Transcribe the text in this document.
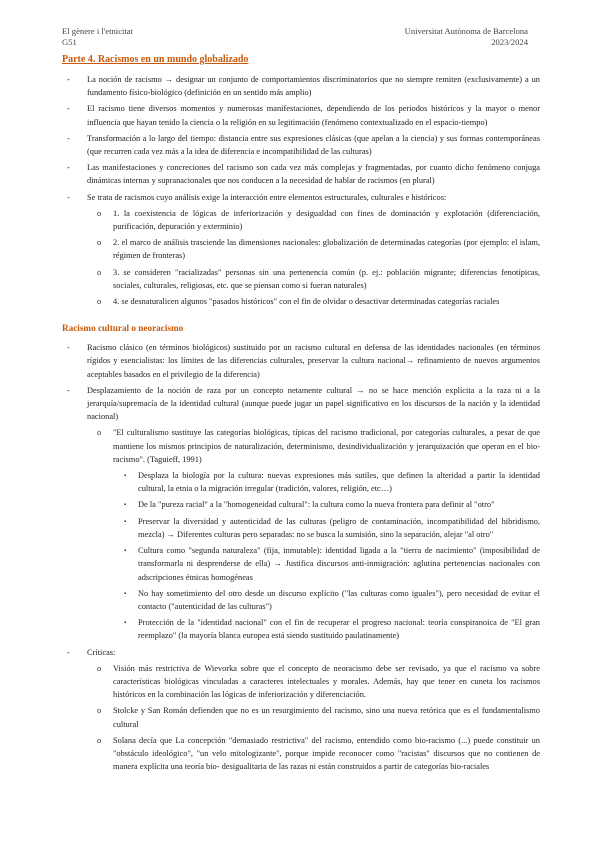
El gènere i l'etnicitat
G51
Universitat Autònoma de Barcelona
2023/2024
Parte 4. Racismos en un mundo globalizado

- La noción de racismo → designar un conjunto de comportamientos discriminatorios que no siempre remiten (exclusivamente) a un fundamento físico-biológico (definición en un sentido más amplio)

- El racismo tiene diversos momentos y numerosas manifestaciones, dependiendo de los periodos históricos y la mayor o menor influencia que hayan tenido la ciencia o la religión en su legitimación (fenómeno contextualizado en el espacio-tiempo)

- Transformación a lo largo del tiempo: distancia entre sus expresiones clásicas (que apelan a la ciencia) y sus formas contemporáneas (que recurren cada vez más a la idea de diferencia e incompatibilidad de las culturas)

- Las manifestaciones y concreciones del racismo son cada vez más complejas y fragmentadas, por cuanto dicho fenómeno conjuga dinámicas internas y supranacionales que nos conducen a la necesidad de hablar de racismos (en plural)

- Se trata de racismos cuyo análisis exige la interacción entre elementos estructurales, culturales e históricos:

o 1. la coexistencia de lógicas de inferiorización y desigualdad con fines de dominación y explotación (diferenciación, purificación, depuración y exterminio)

o 2. el marco de análisis trasciende las dimensiones nacionales: globalización de determinadas categorías (por ejemplo: el islam, régimen de fronteras)

o 3. se consideren "racializadas" personas sin una pertenencia común (p. ej.: población migrante; diferencias fenotípicas, sociales, culturales, religiosas, etc. que se piensan como si fueran naturales)

o 4. se desnaturalicen algunos "pasados históricos" con el fin de olvidar o desactivar determinadas categorías raciales

Racismo cultural o neoracismo

- Racismo clásico (en términos biológicos) sustituido por un racismo cultural en defensa de las identidades nacionales (en términos rígidos y esencialistas: los límites de las diferencias culturales, preservar la cultura nacional→ refinamiento de nuevos argumentos aceptables basados en el privilegio de la diferencia)

- Desplazamiento de la noción de raza por un concepto netamente cultural → no se hace mención explícita a la raza ni a la jerarquía/supremacía de la identidad cultural (aunque puede jugar un papel significativo en los discursos de la nación y la identidad nacional)

o "El culturalismo sustituye las categorías biológicas, típicas del racismo tradicional, por categorías culturales, a pesar de que mantiene los mismos principios de naturalización, determinismo, desindividualización y jerarquización que operan en el bio-racismo". (Taguieff, 1991)

▪ Desplaza la biología por la cultura: nuevas expresiones más sutiles, que definen la alteridad a partir la identidad cultural, la etnia o la migración irregular (tradición, valores, religión, etc…)

▪ De la "pureza racial" a la "homogeneidad cultural": la cultura como la nueva frontera para definir al "otro"

▪ Preservar la diversidad y autenticidad de las culturas (peligro de contaminación, incompatibilidad del hibridismo, mezcla) → Diferentes culturas pero separadas: no se busca la sumisión, sino la separación, alejar "al otro"

▪ Cultura como "segunda naturaleza" (fija, inmutable): identidad ligada a la "tierra de nacimiento" (imposibilidad de transformarla ni desprenderse de ella) → Justifica discursos anti-inmigración: aglutina pertenencias nacionales con adscripciones étnicas homogéneas

▪ No hay sometimiento del otro desde un discurso explícito ("las culturas como iguales"), pero necesidad de evitar el contacto ("autenticidad de las culturas")

▪ Protección de la "identidad nacional" con el fin de recuperar el progreso nacional: teoría conspiranoica de "El gran reemplazo" (la mayoría blanca europea está siendo sustituido paulatinamente)

- Críticas:

o Visión más restrictiva de Wievorka sobre que el concepto de neoracismo debe ser revisado, ya que el racismo va sobre características biológicas vinculadas a caracteres intelectuales y morales. Además, hay que tener en cuneta los racismos históricos en la combinación las lógicas de inferiorización y diferenciación.

o Stolcke y San Román defienden que no es un resurgimiento del racismo, sino una nueva retórica que es el fundamentalismo cultural

o Solana decía que La concepción "demasiado restrictiva" del racismo, entendido como bio-racismo (...) puede constituir un "obstáculo ideológico", "un velo mitologizante", porque impide reconocer como "racistas" discursos que no contienen de manera explícita una teoría bio- desigualitaria de las razas ni están construidos a partir de categorías bio-raciales
